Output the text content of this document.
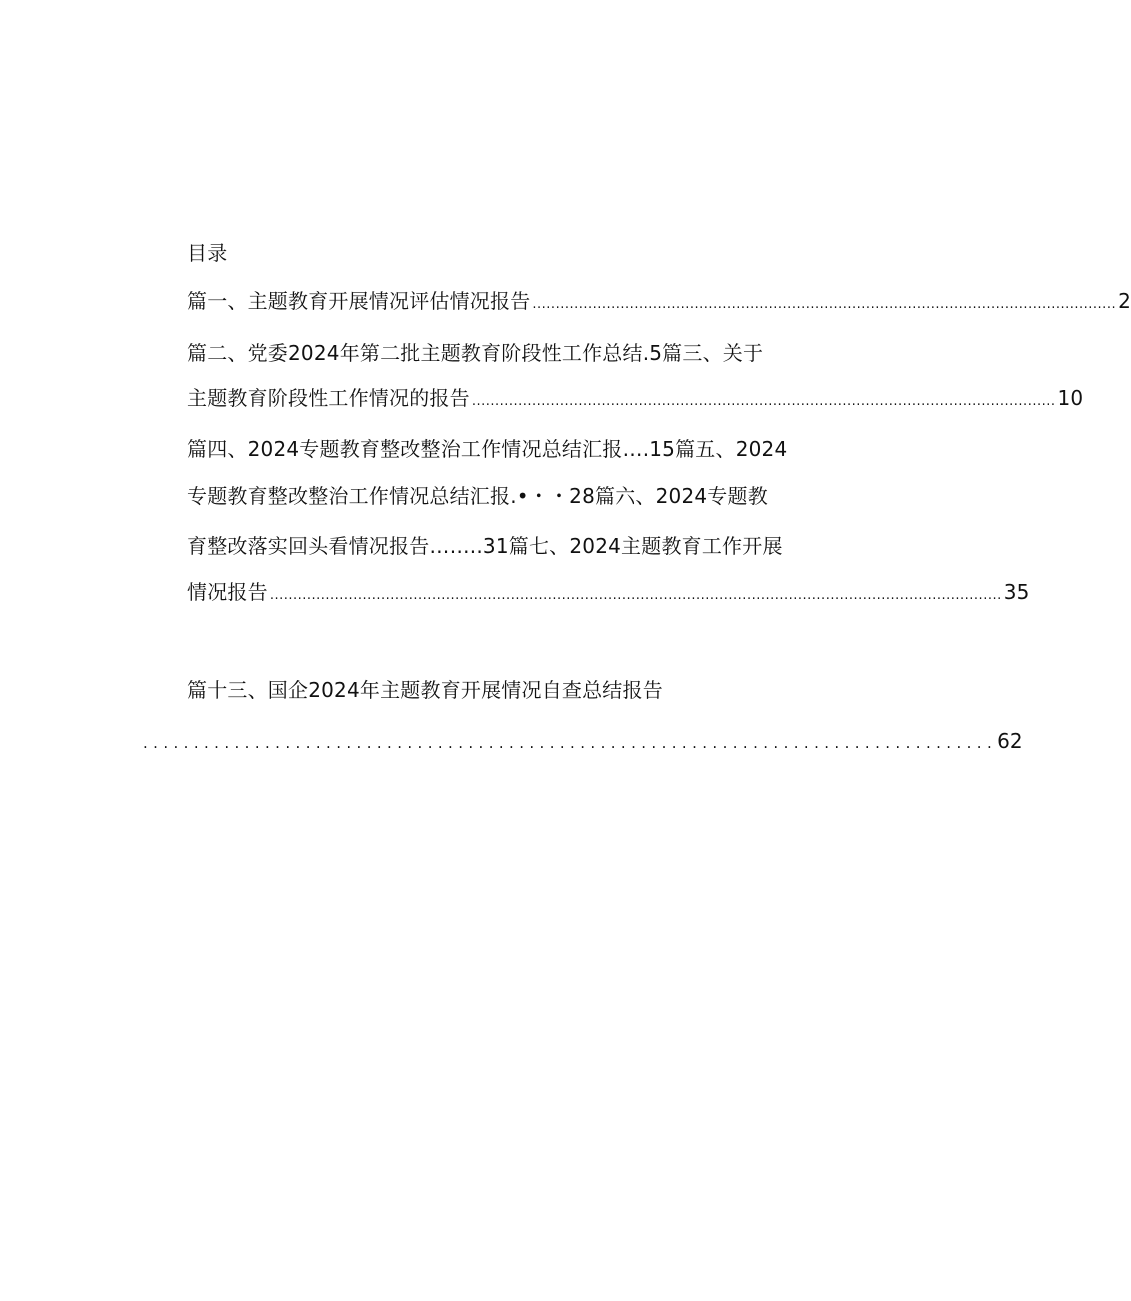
目录
篇一、主题教育开展情况评估情况报告 .............................................................................................................................. 2
篇二、党委2024年第二批主题教育阶段性工作总结.5篇三、关于
主题教育阶段性工作情况的报告 .............................................................................................................................. 10
篇四、2024专题教育整改整治工作情况总结汇报….15篇五、2024
专题教育整改整治工作情况总结汇报.•・・28篇六、2024专题教
育整改落实回头看情况报告……..31篇七、2024主题教育工作开展
情况报告 .............................................................................................................................................................. 35
篇十三、国企2024年主题教育开展情况自查总结报告
.................................................................................... 62
